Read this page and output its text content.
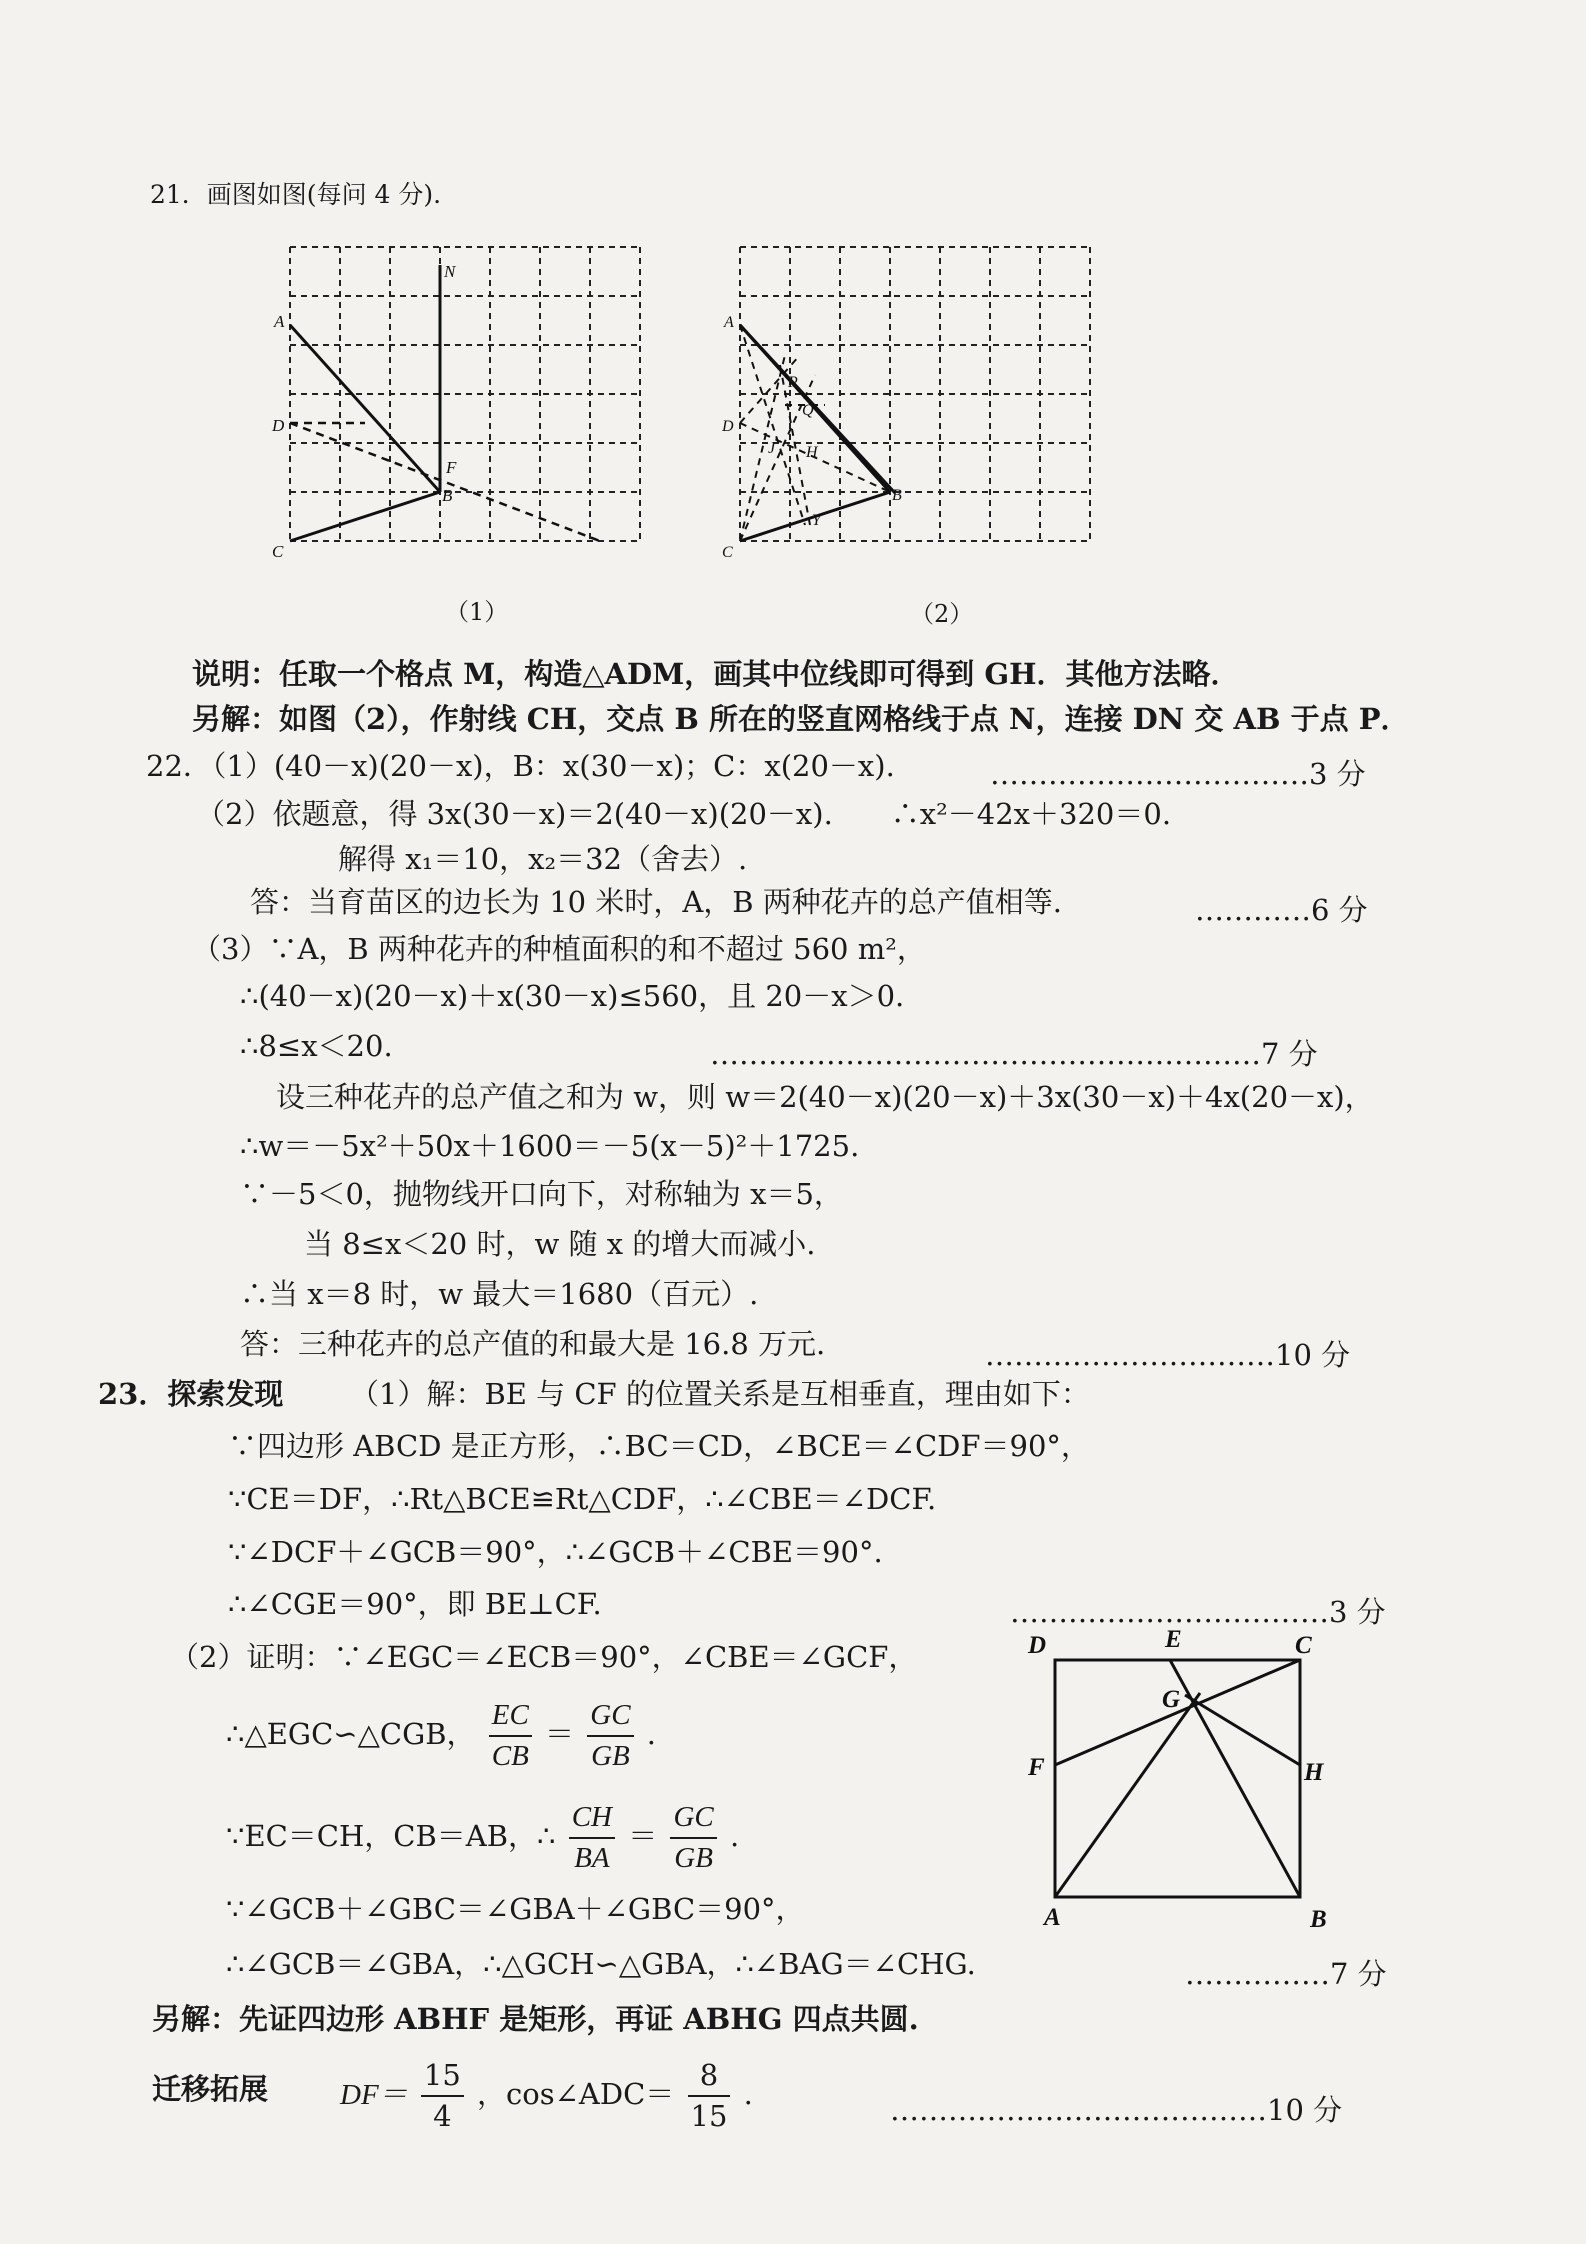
21．画图如图(每问 4 分).
A
D
C
B
N
F
（1）
A
D
C
B
P
Q
J H
Y
（2）
说明：任取一个格点 M，构造△ADM，画其中位线即可得到 GH．其他方法略．
另解：如图（2），作射线 CH，交点 B 所在的竖直网格线于点 N，连接 DN 交 AB 于点 P．
22．（1）(40－x)(20－x)，B：x(30－x)；C：x(20－x).	……………………………3 分
（2）依题意，得 3x(30－x)＝2(40－x)(20－x).　　∴x²－42x＋320＝0.
解得 x₁＝10，x₂＝32（舍去）.
答：当育苗区的边长为 10 米时，A，B 两种花卉的总产值相等.	…………6 分
（3）∵A，B 两种花卉的种植面积的和不超过 560 m²，
∴(40－x)(20－x)＋x(30－x)≤560，且 20－x＞0.
∴8≤x＜20.	…………………………………………………7 分
设三种花卉的总产值之和为 w，则 w＝2(40－x)(20－x)＋3x(30－x)＋4x(20－x)，
∴w＝－5x²＋50x＋1600＝－5(x－5)²＋1725.
∵－5＜0，抛物线开口向下，对称轴为 x＝5，
当 8≤x＜20 时，w 随 x 的增大而减小.
∴当 x＝8 时，w 最大＝1680（百元）.
答：三种花卉的总产值的和最大是 16.8 万元.	…………………………10 分
23．探索发现 （1）解：BE 与 CF 的位置关系是互相垂直，理由如下：
∵四边形 ABCD 是正方形，∴BC＝CD，∠BCE＝∠CDF＝90°，
∵CE＝DF，∴Rt△BCE≌Rt△CDF，∴∠CBE＝∠DCF.
∵∠DCF＋∠GCB＝90°，∴∠GCB＋∠CBE＝90°.
∴∠CGE＝90°，即 BE⊥CF.	……………………………3 分
（2）证明：∵∠EGC＝∠ECB＝90°，∠CBE＝∠GCF，
∴△EGC∽△CGB， $\frac{EC}{CB} = \frac{GC}{GB}$ .
∵EC＝CH，CB＝AB，∴ $\frac{CH}{BA} = \frac{GC}{GB}$ .
∵∠GCB＋∠GBC＝∠GBA＋∠GBC＝90°，
∴∠GCB＝∠GBA，∴△GCH∽△GBA，∴∠BAG＝∠CHG.	……………7 分
另解：先证四边形 ABHF 是矩形，再证 ABHG 四点共圆.
迁移拓展 $DF= \frac{15}{4}$ ，cos∠ADC＝ $\frac{8}{15}$ .	…………………………………10 分
D	E	C
G
F	H
A	B
